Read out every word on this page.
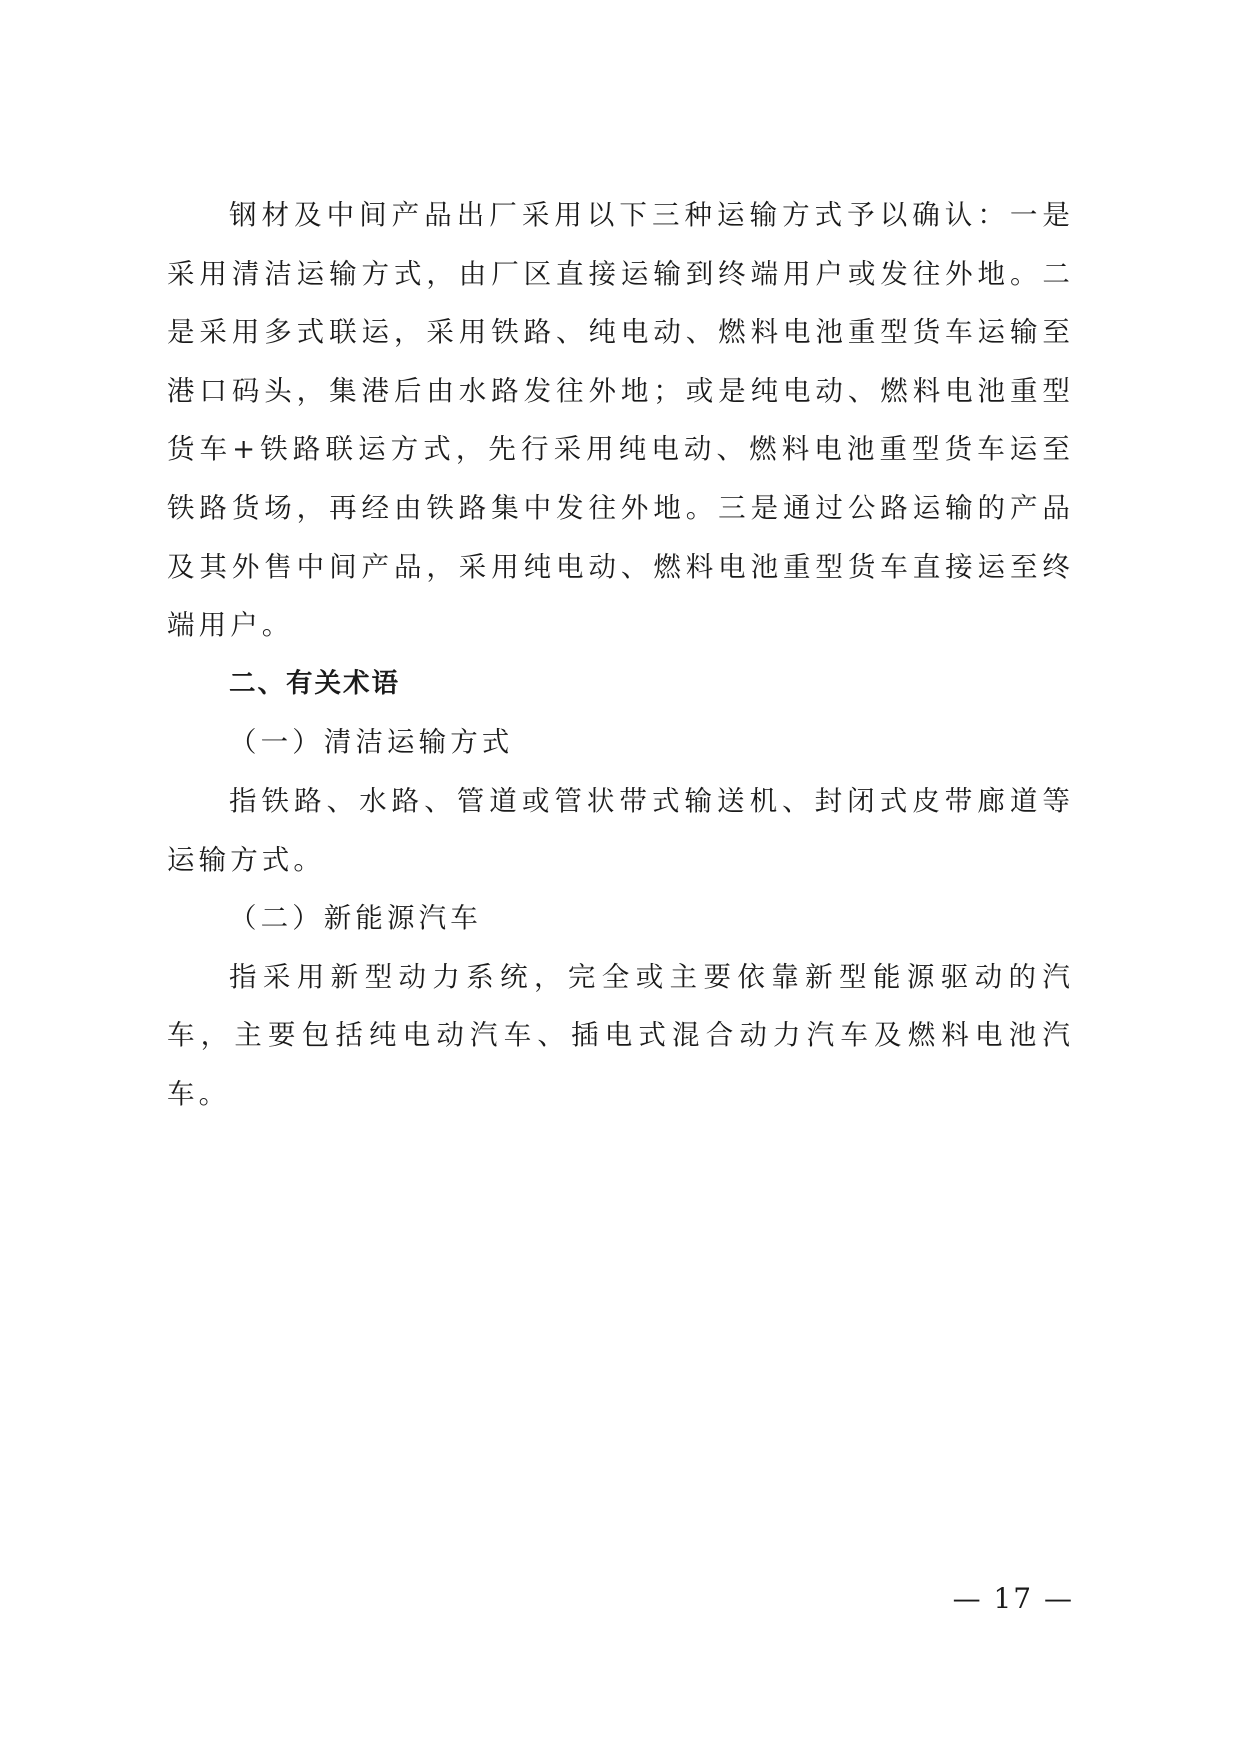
钢材及中间产品出厂采用以下三种运输方式予以确认：一是采用清洁运输方式，由厂区直接运输到终端用户或发往外地。二是采用多式联运，采用铁路、纯电动、燃料电池重型货车运输至港口码头，集港后由水路发往外地；或是纯电动、燃料电池重型货车+铁路联运方式，先行采用纯电动、燃料电池重型货车运至铁路货场，再经由铁路集中发往外地。三是通过公路运输的产品及其外售中间产品，采用纯电动、燃料电池重型货车直接运至终端用户。

二、有关术语

（一）清洁运输方式

指铁路、水路、管道或管状带式输送机、封闭式皮带廊道等运输方式。

（二）新能源汽车

指采用新型动力系统，完全或主要依靠新型能源驱动的汽车，主要包括纯电动汽车、插电式混合动力汽车及燃料电池汽车。

— 17 —
